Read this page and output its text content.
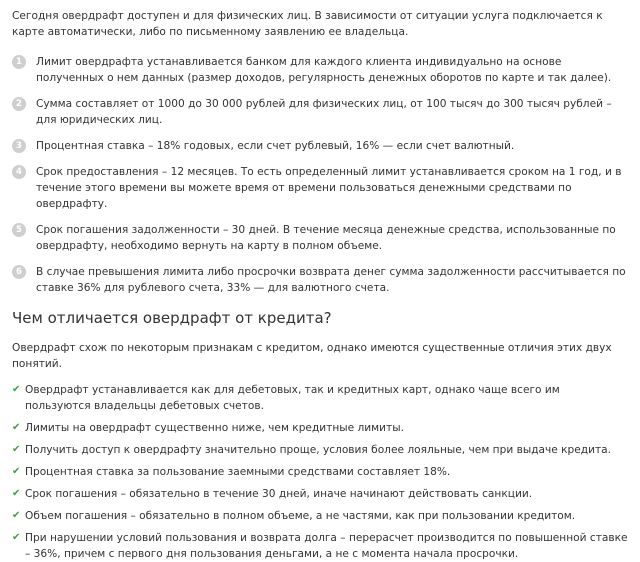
Сегодня овердрафт доступен и для физических лиц. В зависимости от ситуации услуга подключается к карте автоматически, либо по письменному заявлению ее владельца.

1	Лимит овердрафта устанавливается банком для каждого клиента индивидуально на основе полученных о нем данных (размер доходов, регулярность денежных оборотов по карте и так далее).
2	Сумма составляет от 1000 до 30 000 рублей для физических лиц, от 100 тысяч до 300 тысяч рублей – для юридических лиц.
3	Процентная ставка – 18% годовых, если счет рублевый, 16% — если счет валютный.
4	Срок предоставления – 12 месяцев. То есть определенный лимит устанавливается сроком на 1 год, и в течение этого времени вы можете время от времени пользоваться денежными средствами по овердрафту.
5	Срок погашения задолженности – 30 дней. В течение месяца денежные средства, использованные по овердрафту, необходимо вернуть на карту в полном объеме.
6	В случае превышения лимита либо просрочки возврата денег сумма задолженности рассчитывается по ставке 36% для рублевого счета, 33% — для валютного счета.
Чем отличается овердрафт от кредита?

Овердрафт схож по некоторым признакам с кредитом, однако имеются существенные отличия этих двух понятий.

✔ Овердрафт устанавливается как для дебетовых, так и кредитных карт, однако чаще всего им пользуются владельцы дебетовых счетов.
✔ Лимиты на овердрафт существенно ниже, чем кредитные лимиты.
✔ Получить доступ к овердрафту значительно проще, условия более лояльные, чем при выдаче кредита.
✔ Процентная ставка за пользование заемными средствами составляет 18%.
✔ Срок погашения – обязательно в течение 30 дней, иначе начинают действовать санкции.
✔ Объем погашения – обязательно в полном объеме, а не частями, как при пользовании кредитом.
✔ При нарушении условий пользования и возврата долга – перерасчет производится по повышенной ставке – 36%, причем с первого дня пользования деньгами, а не с момента начала просрочки.
